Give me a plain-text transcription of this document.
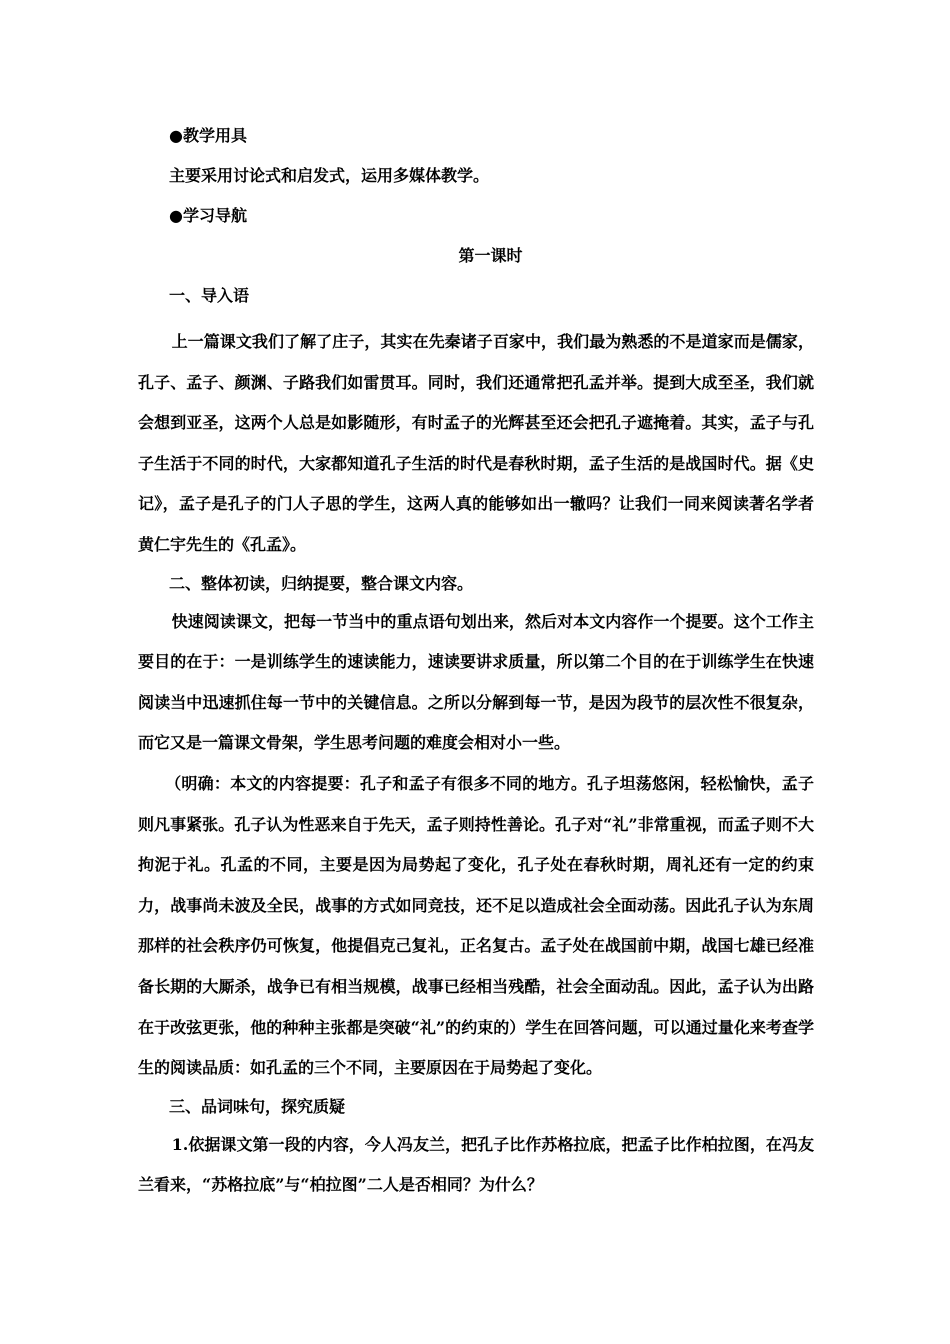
●教学用具
主要采用讨论式和启发式，运用多媒体教学。
●学习导航
第一课时
一、导入语

上一篇课文我们了解了庄子，其实在先秦诸子百家中，我们最为熟悉的不是道家而是儒家，孔子、孟子、颜渊、子路我们如雷贯耳。同时，我们还通常把孔孟并举。提到大成至圣，我们就会想到亚圣，这两个人总是如影随形，有时孟子的光辉甚至还会把孔子遮掩着。其实，孟子与孔子生活于不同的时代，大家都知道孔子生活的时代是春秋时期，孟子生活的是战国时代。据《史记》，孟子是孔子的门人子思的学生，这两人真的能够如出一辙吗？让我们一同来阅读著名学者黄仁宇先生的《孔孟》。

二、整体初读，归纳提要，整合课文内容。

快速阅读课文，把每一节当中的重点语句划出来，然后对本文内容作一个提要。这个工作主要目的在于：一是训练学生的速读能力，速读要讲求质量，所以第二个目的在于训练学生在快速阅读当中迅速抓住每一节中的关键信息。之所以分解到每一节，是因为段节的层次性不很复杂，而它又是一篇课文骨架，学生思考问题的难度会相对小一些。

（明确：本文的内容提要：孔子和孟子有很多不同的地方。孔子坦荡悠闲，轻松愉快，孟子则凡事紧张。孔子认为性恶来自于先天，孟子则持性善论。孔子对“礼”非常重视，而孟子则不大拘泥于礼。孔孟的不同，主要是因为局势起了变化，孔子处在春秋时期，周礼还有一定的约束力，战事尚未波及全民，战事的方式如同竞技，还不足以造成社会全面动荡。因此孔子认为东周那样的社会秩序仍可恢复，他提倡克己复礼，正名复古。孟子处在战国前中期，战国七雄已经准备长期的大厮杀，战争已有相当规模，战事已经相当残酷，社会全面动乱。因此，孟子认为出路在于改弦更张，他的种种主张都是突破“礼”的约束的）学生在回答问题，可以通过量化来考查学生的阅读品质：如孔孟的三个不同，主要原因在于局势起了变化。

三、品词味句，探究质疑

1.依据课文第一段的内容，今人冯友兰，把孔子比作苏格拉底，把孟子比作柏拉图，在冯友兰看来，“苏格拉底”与“柏拉图”二人是否相同？为什么？
